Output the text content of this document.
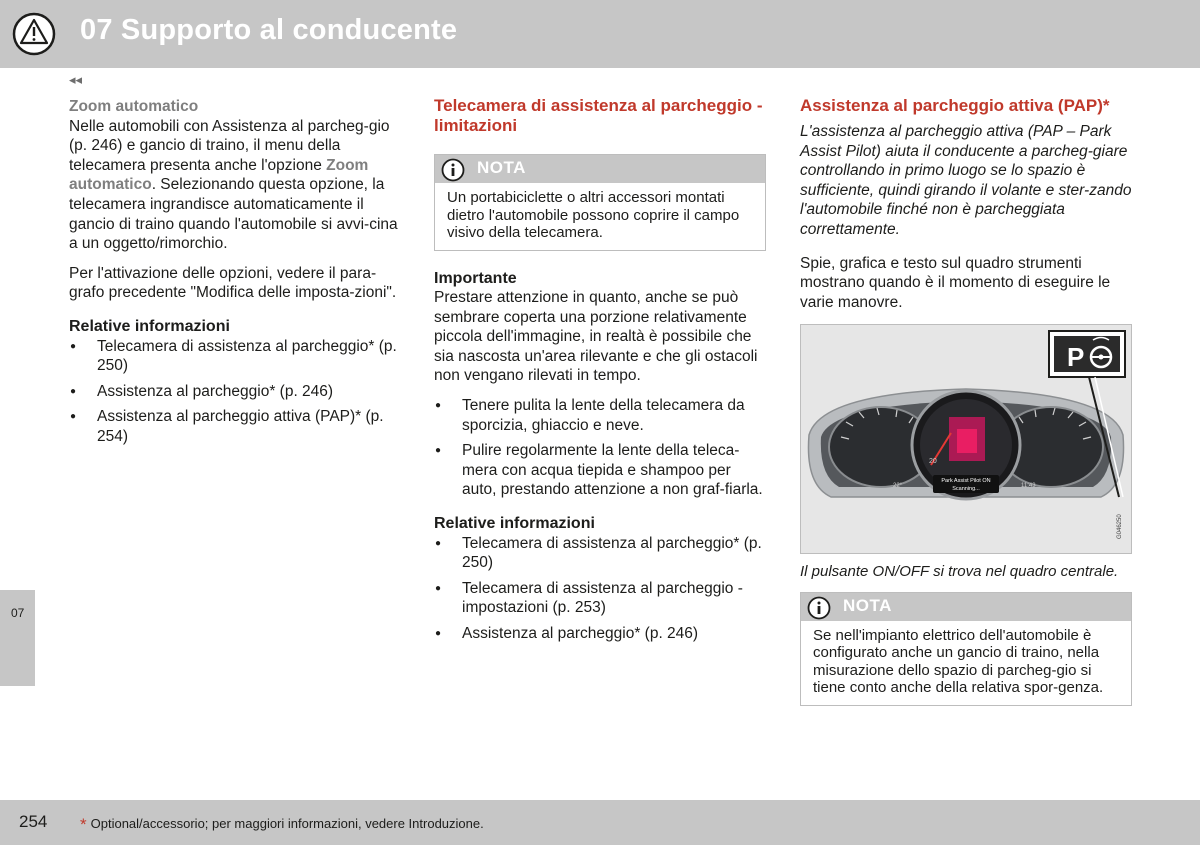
07 Supporto al conducente
◂◂
07
Zoom automatico

Nelle automobili con Assistenza al parcheg-gio (p. 246) e gancio di traino, il menu della telecamera presenta anche l'opzione Zoom automatico. Selezionando questa opzione, la telecamera ingrandisce automaticamente il gancio di traino quando l'automobile si avvi-cina a un oggetto/rimorchio.

Per l'attivazione delle opzioni, vedere il para-grafo precedente "Modifica delle imposta-zioni".

Relative informazioni
● Telecamera di assistenza al parcheggio* (p. 250)
● Assistenza al parcheggio* (p. 246)
● Assistenza al parcheggio attiva (PAP)* (p. 254)
Telecamera di assistenza al parcheggio - limitazioni
NOTA
Un portabiciclette o altri accessori montati dietro l'automobile possono coprire il campo visivo della telecamera.
Importante

Prestare attenzione in quanto, anche se può sembrare coperta una porzione relativamente piccola dell'immagine, in realtà è possibile che sia nascosta un'area rilevante e che gli ostacoli non vengano rilevati in tempo.

● Tenere pulita la lente della telecamera da sporcizia, ghiaccio e neve.
● Pulire regolarmente la lente della teleca-mera con acqua tiepida e shampoo per auto, prestando attenzione a non graf-fiarla.
Relative informazioni
● Telecamera di assistenza al parcheggio* (p. 250)
● Telecamera di assistenza al parcheggio - impostazioni (p. 253)
● Assistenza al parcheggio* (p. 246)
Assistenza al parcheggio attiva (PAP)*

L'assistenza al parcheggio attiva (PAP – Park Assist Pilot) aiuta il conducente a parcheg-giare controllando in primo luogo se lo spazio è sufficiente, quindi girando il volante e ster-zando l'automobile finché non è parcheggiata correttamente.

Spie, grafica e testo sul quadro strumenti mostrano quando è il momento di eseguire le varie manovre.

20
Park Assist Pilot ON
Scanning...
22°	11:43
P
G046250

Il pulsante ON/OFF si trova nel quadro centrale.

NOTA
Se nell'impianto elettrico dell'automobile è configurato anche un gancio di traino, nella misurazione dello spazio di parcheg-gio si tiene conto anche della relativa spor-genza.
254 * Optional/accessorio; per maggiori informazioni, vedere Introduzione.
